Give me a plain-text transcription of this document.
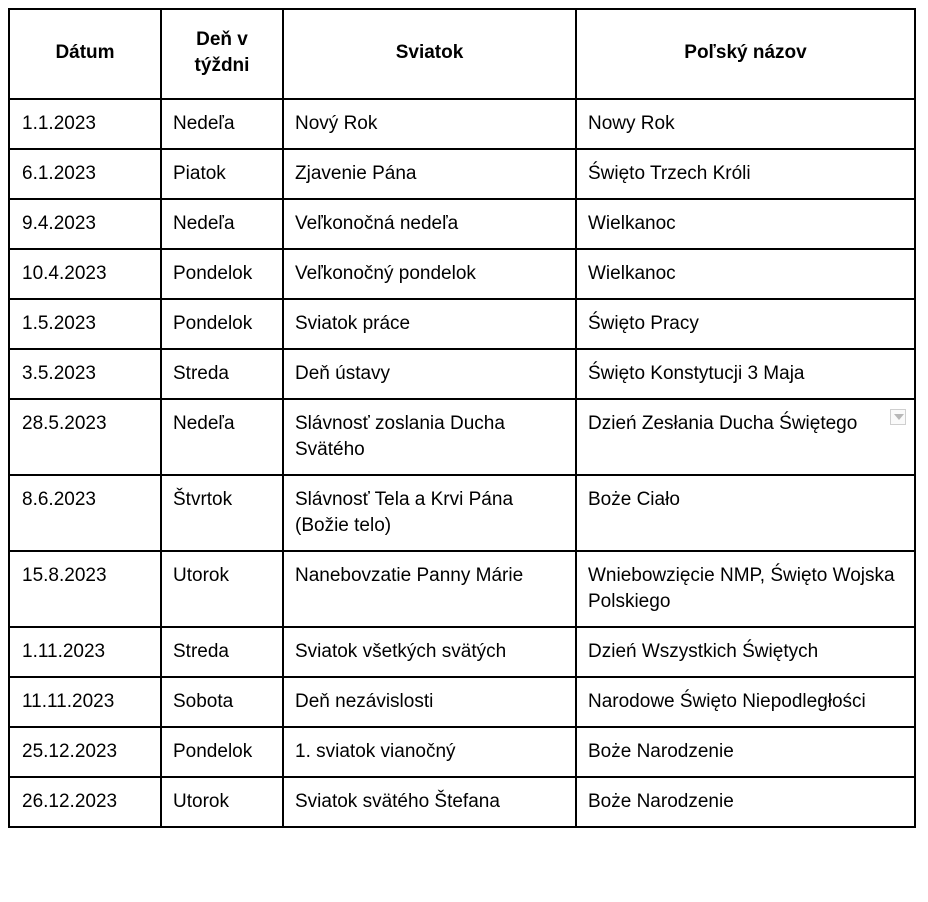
Dátum	Deň v týždni	Sviatok	Poľský názov
1.1.2023	Nedeľa	Nový Rok	Nowy Rok
6.1.2023	Piatok	Zjavenie Pána	Święto Trzech Króli
9.4.2023	Nedeľa	Veľkonočná nedeľa	Wielkanoc
10.4.2023	Pondelok	Veľkonočný pondelok	Wielkanoc
1.5.2023	Pondelok	Sviatok práce	Święto Pracy
3.5.2023	Streda	Deň ústavy	Święto Konstytucji 3 Maja
28.5.2023	Nedeľa	Slávnosť zoslania Ducha Svätého	Dzień Zesłania Ducha Świętego
8.6.2023	Štvrtok	Slávnosť Tela a Krvi Pána (Božie telo)	Boże Ciało
15.8.2023	Utorok	Nanebovzatie Panny Márie	Wniebowzięcie NMP, Święto Wojska Polskiego
1.11.2023	Streda	Sviatok všetkých svätých	Dzień Wszystkich Świętych
11.11.2023	Sobota	Deň nezávislosti	Narodowe Święto Niepodległości
25.12.2023	Pondelok	1. sviatok vianočný	Boże Narodzenie
26.12.2023	Utorok	Sviatok svätého Štefana	Boże Narodzenie
